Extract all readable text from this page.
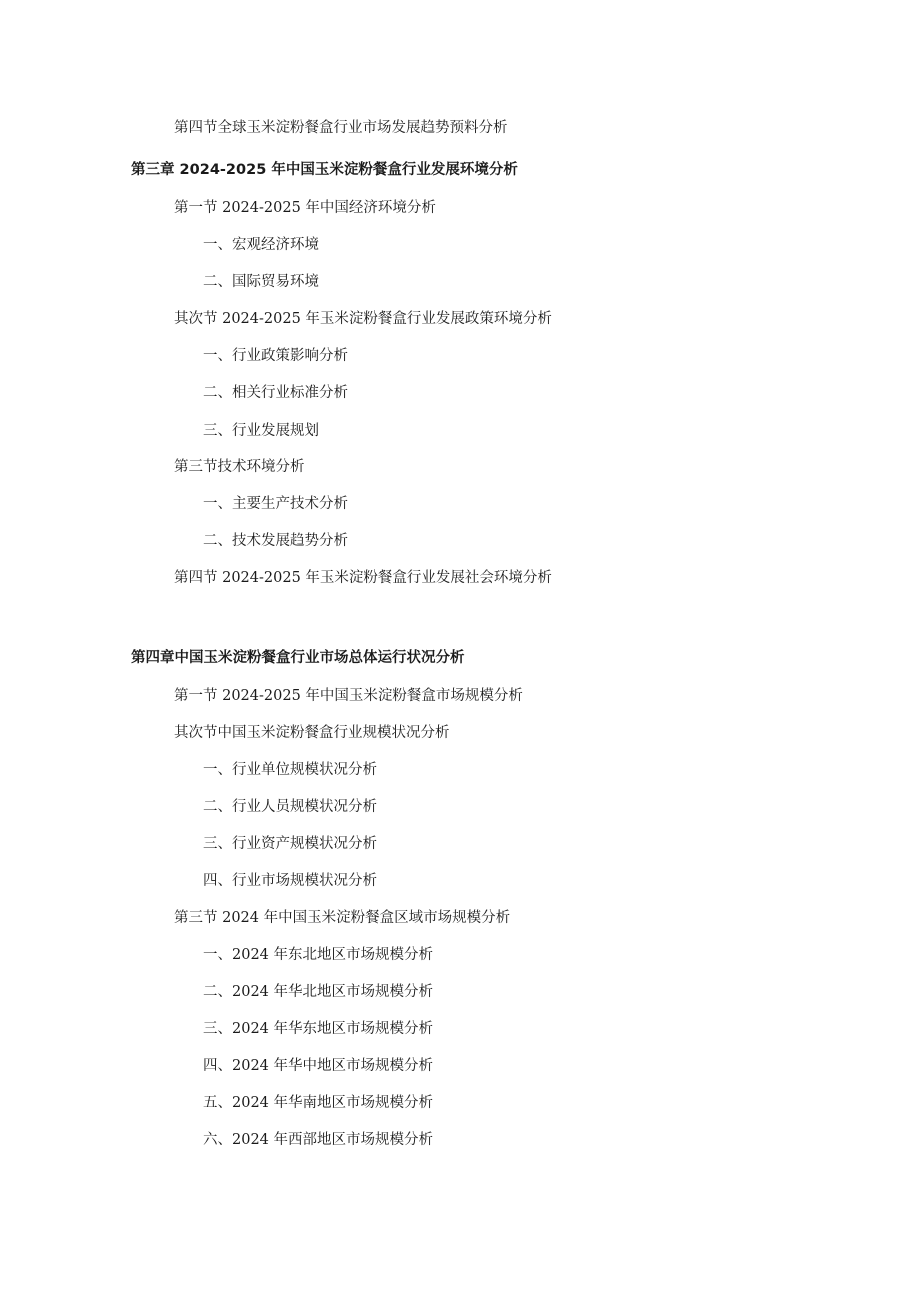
第四节全球玉米淀粉餐盒行业市场发展趋势预料分析
第三章 2024-2025 年中国玉米淀粉餐盒行业发展环境分析
第一节 2024-2025 年中国经济环境分析
一、宏观经济环境
二、国际贸易环境
其次节 2024-2025 年玉米淀粉餐盒行业发展政策环境分析
一、行业政策影响分析
二、相关行业标准分析
三、行业发展规划
第三节技术环境分析
一、主要生产技术分析
二、技术发展趋势分析
第四节 2024-2025 年玉米淀粉餐盒行业发展社会环境分析
第四章中国玉米淀粉餐盒行业市场总体运行状况分析
第一节 2024-2025 年中国玉米淀粉餐盒市场规模分析
其次节中国玉米淀粉餐盒行业规模状况分析
一、行业单位规模状况分析
二、行业人员规模状况分析
三、行业资产规模状况分析
四、行业市场规模状况分析
第三节 2024 年中国玉米淀粉餐盒区域市场规模分析
一、2024 年东北地区市场规模分析
二、2024 年华北地区市场规模分析
三、2024 年华东地区市场规模分析
四、2024 年华中地区市场规模分析
五、2024 年华南地区市场规模分析
六、2024 年西部地区市场规模分析
